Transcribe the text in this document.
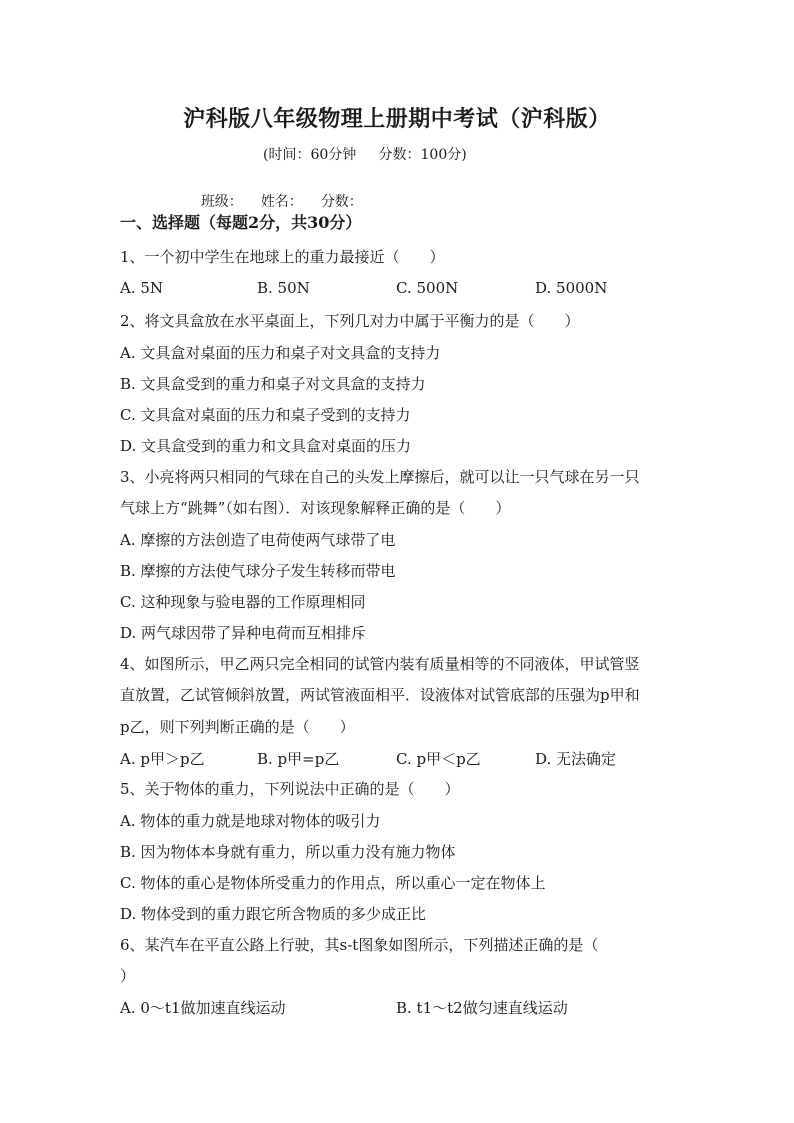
沪科版八年级物理上册期中考试（沪科版）
(时间：60分钟     分数：100分)

班级： 姓名： 分数：

一、选择题（每题2分，共30分）
1、一个初中学生在地球上的重力最接近（　　）
A. 5N	B. 50N	C. 500N	D. 5000N
2、将文具盒放在水平桌面上，下列几对力中属于平衡力的是（　　）
A. 文具盒对桌面的压力和桌子对文具盒的支持力
B. 文具盒受到的重力和桌子对文具盒的支持力
C. 文具盒对桌面的压力和桌子受到的支持力
D. 文具盒受到的重力和文具盒对桌面的压力
3、小亮将两只相同的气球在自己的头发上摩擦后，就可以让一只气球在另一只
气球上方“跳舞”（如右图）．对该现象解释正确的是（　　）
A. 摩擦的方法创造了电荷使两气球带了电
B. 摩擦的方法使气球分子发生转移而带电
C. 这种现象与验电器的工作原理相同
D. 两气球因带了异种电荷而互相排斥
4、如图所示，甲乙两只完全相同的试管内装有质量相等的不同液体，甲试管竖
直放置，乙试管倾斜放置，两试管液面相平．设液体对试管底部的压强为p甲和
p乙，则下列判断正确的是（　　）
A. p甲＞p乙	B. p甲=p乙	C. p甲＜p乙	D. 无法确定
5、关于物体的重力，下列说法中正确的是（　　）
A. 物体的重力就是地球对物体的吸引力
B. 因为物体本身就有重力，所以重力没有施力物体
C. 物体的重心是物体所受重力的作用点，所以重心一定在物体上
D. 物体受到的重力跟它所含物质的多少成正比
6、某汽车在平直公路上行驶，其s-t图象如图所示，下列描述正确的是（
）
A. 0～t1做加速直线运动	B. t1～t2做匀速直线运动
